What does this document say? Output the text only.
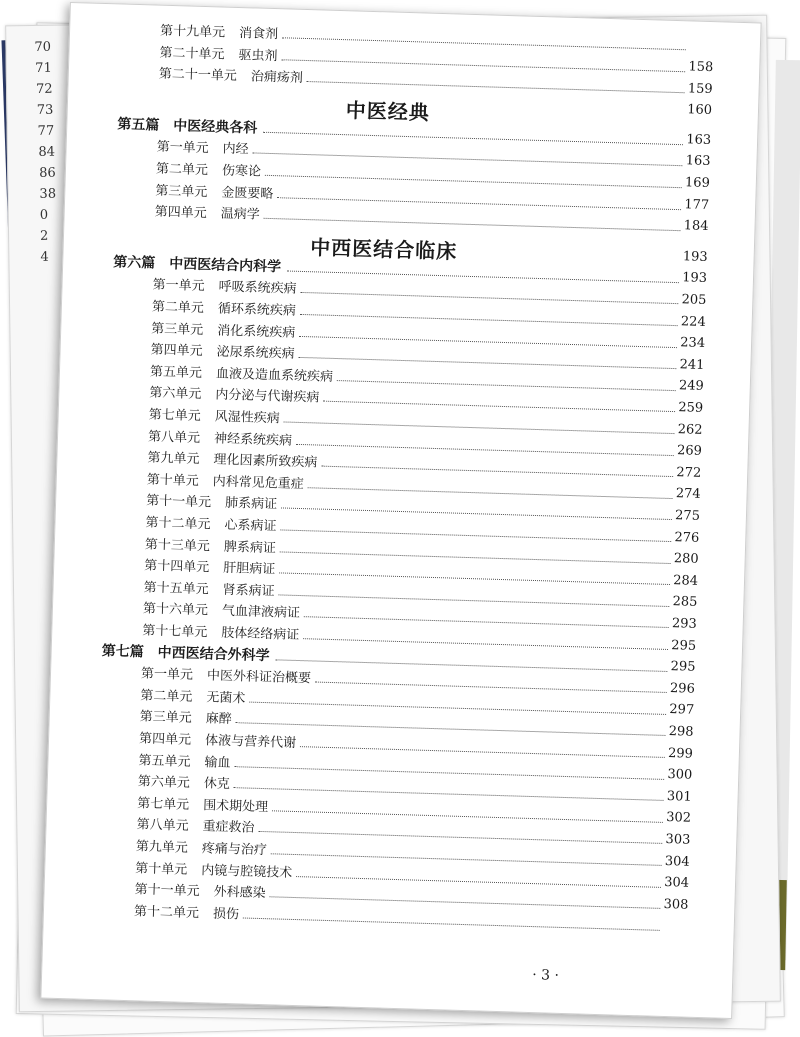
70
71
72
73
77
84
86
38
0
2
4
第十九单元 消食剂
第二十单元 驱虫剂
第二十一单元 治痈疡剂
中医经典
第五篇 　中医经典各科
第一单元 内经
第二单元 伤寒论
第三单元 金匮要略
第四单元 温病学
中西医结合临床
第六篇 　中西医结合内科学
第一单元 呼吸系统疾病
第二单元 循环系统疾病
第三单元 消化系统疾病
第四单元 泌尿系统疾病
第五单元 血液及造血系统疾病
第六单元 内分泌与代谢疾病
第七单元 风湿性疾病
第八单元 神经系统疾病
第九单元 理化因素所致疾病
第十单元 内科常见危重症
第十一单元 肺系病证
第十二单元 心系病证
第十三单元 脾系病证
第十四单元 肝胆病证
第十五单元 肾系病证
第十六单元 气血津液病证
第十七单元 肢体经络病证
第七篇 　中西医结合外科学
第一单元 中医外科证治概要
第二单元 无菌术
第三单元 麻醉
第四单元 体液与营养代谢
第五单元 输血
第六单元 休克
第七单元 围术期处理
第八单元 重症救治
第九单元 疼痛与治疗
第十单元 内镜与腔镜技术
第十一单元 外科感染
第十二单元 损伤
158
159
160
163
163
169
177
184
193
193
205
224
234
241
249
259
262
269
272
274
275
276
280
284
285
293
295
295
296
297
298
299
300
301
302
303
304
304
308
· 3 ·
